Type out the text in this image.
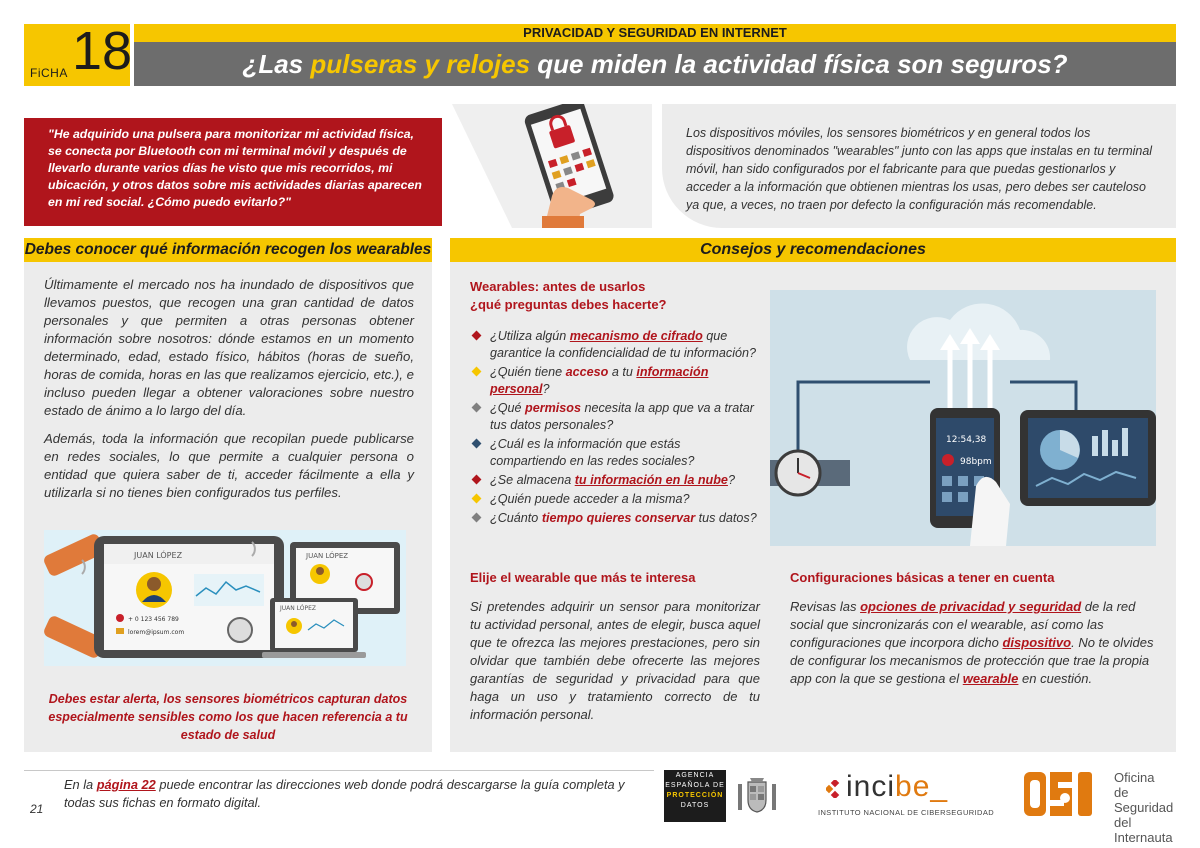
FiCHA 18	PRIVACIDAD Y SEGURIDAD EN INTERNET
¿Las pulseras y relojes que miden la actividad física son seguros?

"He adquirido una pulsera para monitorizar mi actividad física, se conecta por Bluetooth con mi terminal móvil y después de llevarlo durante varios días he visto que mis recorridos, mi ubicación, y otros datos sobre mis actividades diarias aparecen en mi red social. ¿Cómo puedo evitarlo?"

Los dispositivos móviles, los sensores biométricos y en general todos los dispositivos denominados "wearables" junto con las apps que instalas en tu terminal móvil, han sido configurados por el fabricante para que puedas gestionarlos y acceder a la información que obtienen mientras los usas, pero debes ser cauteloso ya que, a veces, no traen por defecto la configuración más recomendable.

Últimamente el mercado nos ha inundado de dispositivos que llevamos puestos, que recogen una gran cantidad de datos personales y que permiten a otras personas obtener información sobre nosotros: dónde estamos en un momento determinado, edad, estado físico, hábitos (horas de sueño, horas de comida, horas en las que realizamos ejercicio, etc.), e incluso pueden llegar a obtener valoraciones sobre nuestro estado de ánimo a lo largo del día.

Además, toda la información que recopilan puede publicarse en redes sociales, lo que permite a cualquier persona o entidad que quiera saber de ti, acceder fácilmente a ella y utilizarla si no tienes bien configurados tus perfiles.

JUAN LÓPEZ
+ 0 123 456 789
lorem@ipsum.com
JUAN LÓPEZ
JUAN LÓPEZ

Debes estar alerta, los sensores biométricos capturan datos especialmente sensibles como los que hacen referencia a tu estado de salud

Debes conocer qué información recogen los wearables	Consejos y recomendaciones
Wearables: antes de usarlos
¿qué preguntas debes hacerte?
¿Utiliza algún mecanismo de cifrado que garantice la confidencialidad de tu información?
¿Quién tiene acceso a tu información personal?
¿Qué permisos necesita la app que va a tratar tus datos personales?
¿Cuál es la información que estás compartiendo en las redes sociales?
¿Se almacena tu información en la nube?
¿Quién puede acceder a la misma?
¿Cuánto tiempo quieres conservar tus datos?
12:54,38
98bpm
Elije el wearable que más te interesa

Si pretendes adquirir un sensor para monitorizar tu actividad personal, antes de elegir, busca aquel que te ofrezca las mejores prestaciones, pero sin olvidar que también debe ofrecerte las mejores garantías de seguridad y privacidad para que haga un uso y tratamiento correcto de tu información personal.

Configuraciones básicas a tener en cuenta

Revisas las opciones de privacidad y seguridad de la red social que sincronizarás con el wearable, así como las configuraciones que incorpora dicho dispositivo. No te olvides de configurar los mecanismos de protección que trae la propia app con la que se gestiona el wearable en cuestión.

21

En la página 22 puede encontrar las direcciones web donde podrá descargarse la guía completa y todas sus fichas en formato digital.

AGENCIA
ESPAÑOLA DE
PROTECCIÓN
DATOS
incibe_
INSTITUTO NACIONAL DE CIBERSEGURIDAD
Oficina
de Seguridad
del Internauta
